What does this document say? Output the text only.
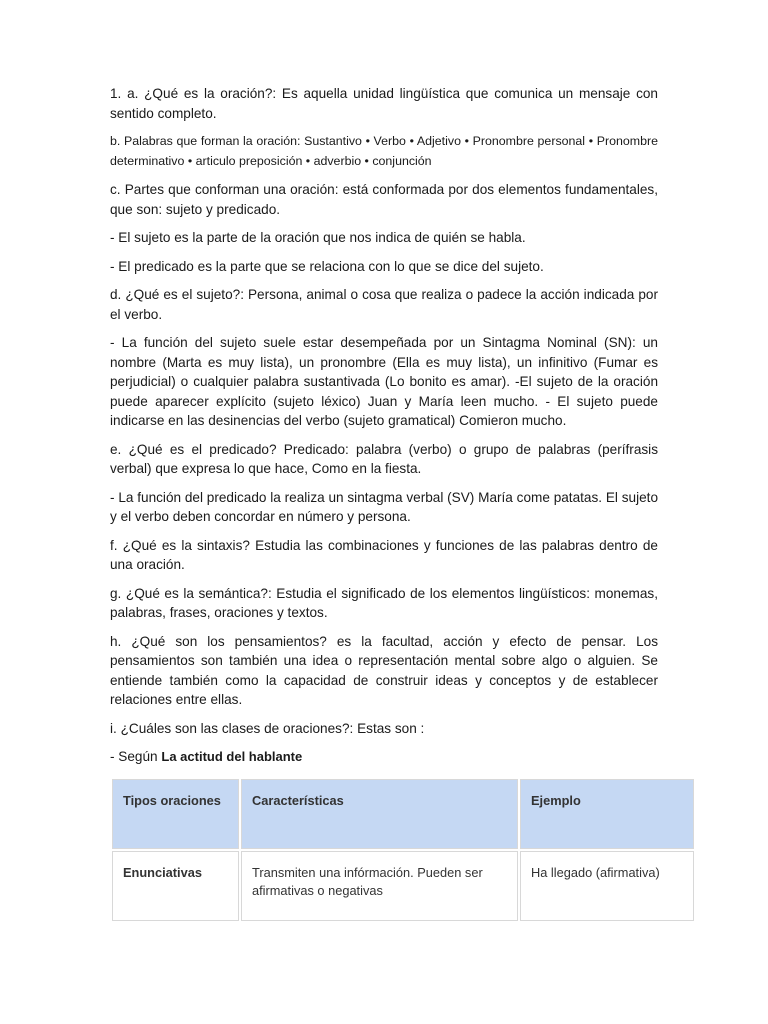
1. a. ¿Qué es la oración?: Es aquella unidad lingüística que comunica un mensaje con sentido completo.

b. Palabras que forman la oración: Sustantivo • Verbo • Adjetivo • Pronombre personal • Pronombre determinativo • articulo preposición • adverbio • conjunción

c. Partes que conforman una oración: está conformada por dos elementos fundamentales, que son: sujeto y predicado.

- El sujeto es la parte de la oración que nos indica de quién se habla.

- El predicado es la parte que se relaciona con lo que se dice del sujeto.

d. ¿Qué es el sujeto?: Persona, animal o cosa que realiza o padece la acción indicada por el verbo.

- La función del sujeto suele estar desempeñada por un Sintagma Nominal (SN): un nombre (Marta es muy lista), un pronombre (Ella es muy lista), un infinitivo (Fumar es perjudicial) o cualquier palabra sustantivada (Lo bonito es amar). -El sujeto de la oración puede aparecer explícito (sujeto léxico) Juan y María leen mucho. - El sujeto puede indicarse en las desinencias del verbo (sujeto gramatical) Comieron mucho.

e. ¿Qué es el predicado? Predicado: palabra (verbo) o grupo de palabras (perífrasis verbal) que expresa lo que hace, Como en la fiesta.

- La función del predicado la realiza un sintagma verbal (SV) María come patatas. El sujeto y el verbo deben concordar en número y persona.

f. ¿Qué es la sintaxis? Estudia las combinaciones y funciones de las palabras dentro de una oración.

g. ¿Qué es la semántica?: Estudia el significado de los elementos lingüísticos: monemas, palabras, frases, oraciones y textos.

h. ¿Qué son los pensamientos? es la facultad, acción y efecto de pensar. Los pensamientos son también una idea o representación mental sobre algo o alguien. Se entiende también como la capacidad de construir ideas y conceptos y de establecer relaciones entre ellas.

i. ¿Cuáles son las clases de oraciones?: Estas son :

- Según La actitud del hablante

Tipos oraciones	Características	Ejemplo
Enunciativas	Transmiten una infórmación. Pueden ser afirmativas o negativas	Ha llegado (afirmativa)
